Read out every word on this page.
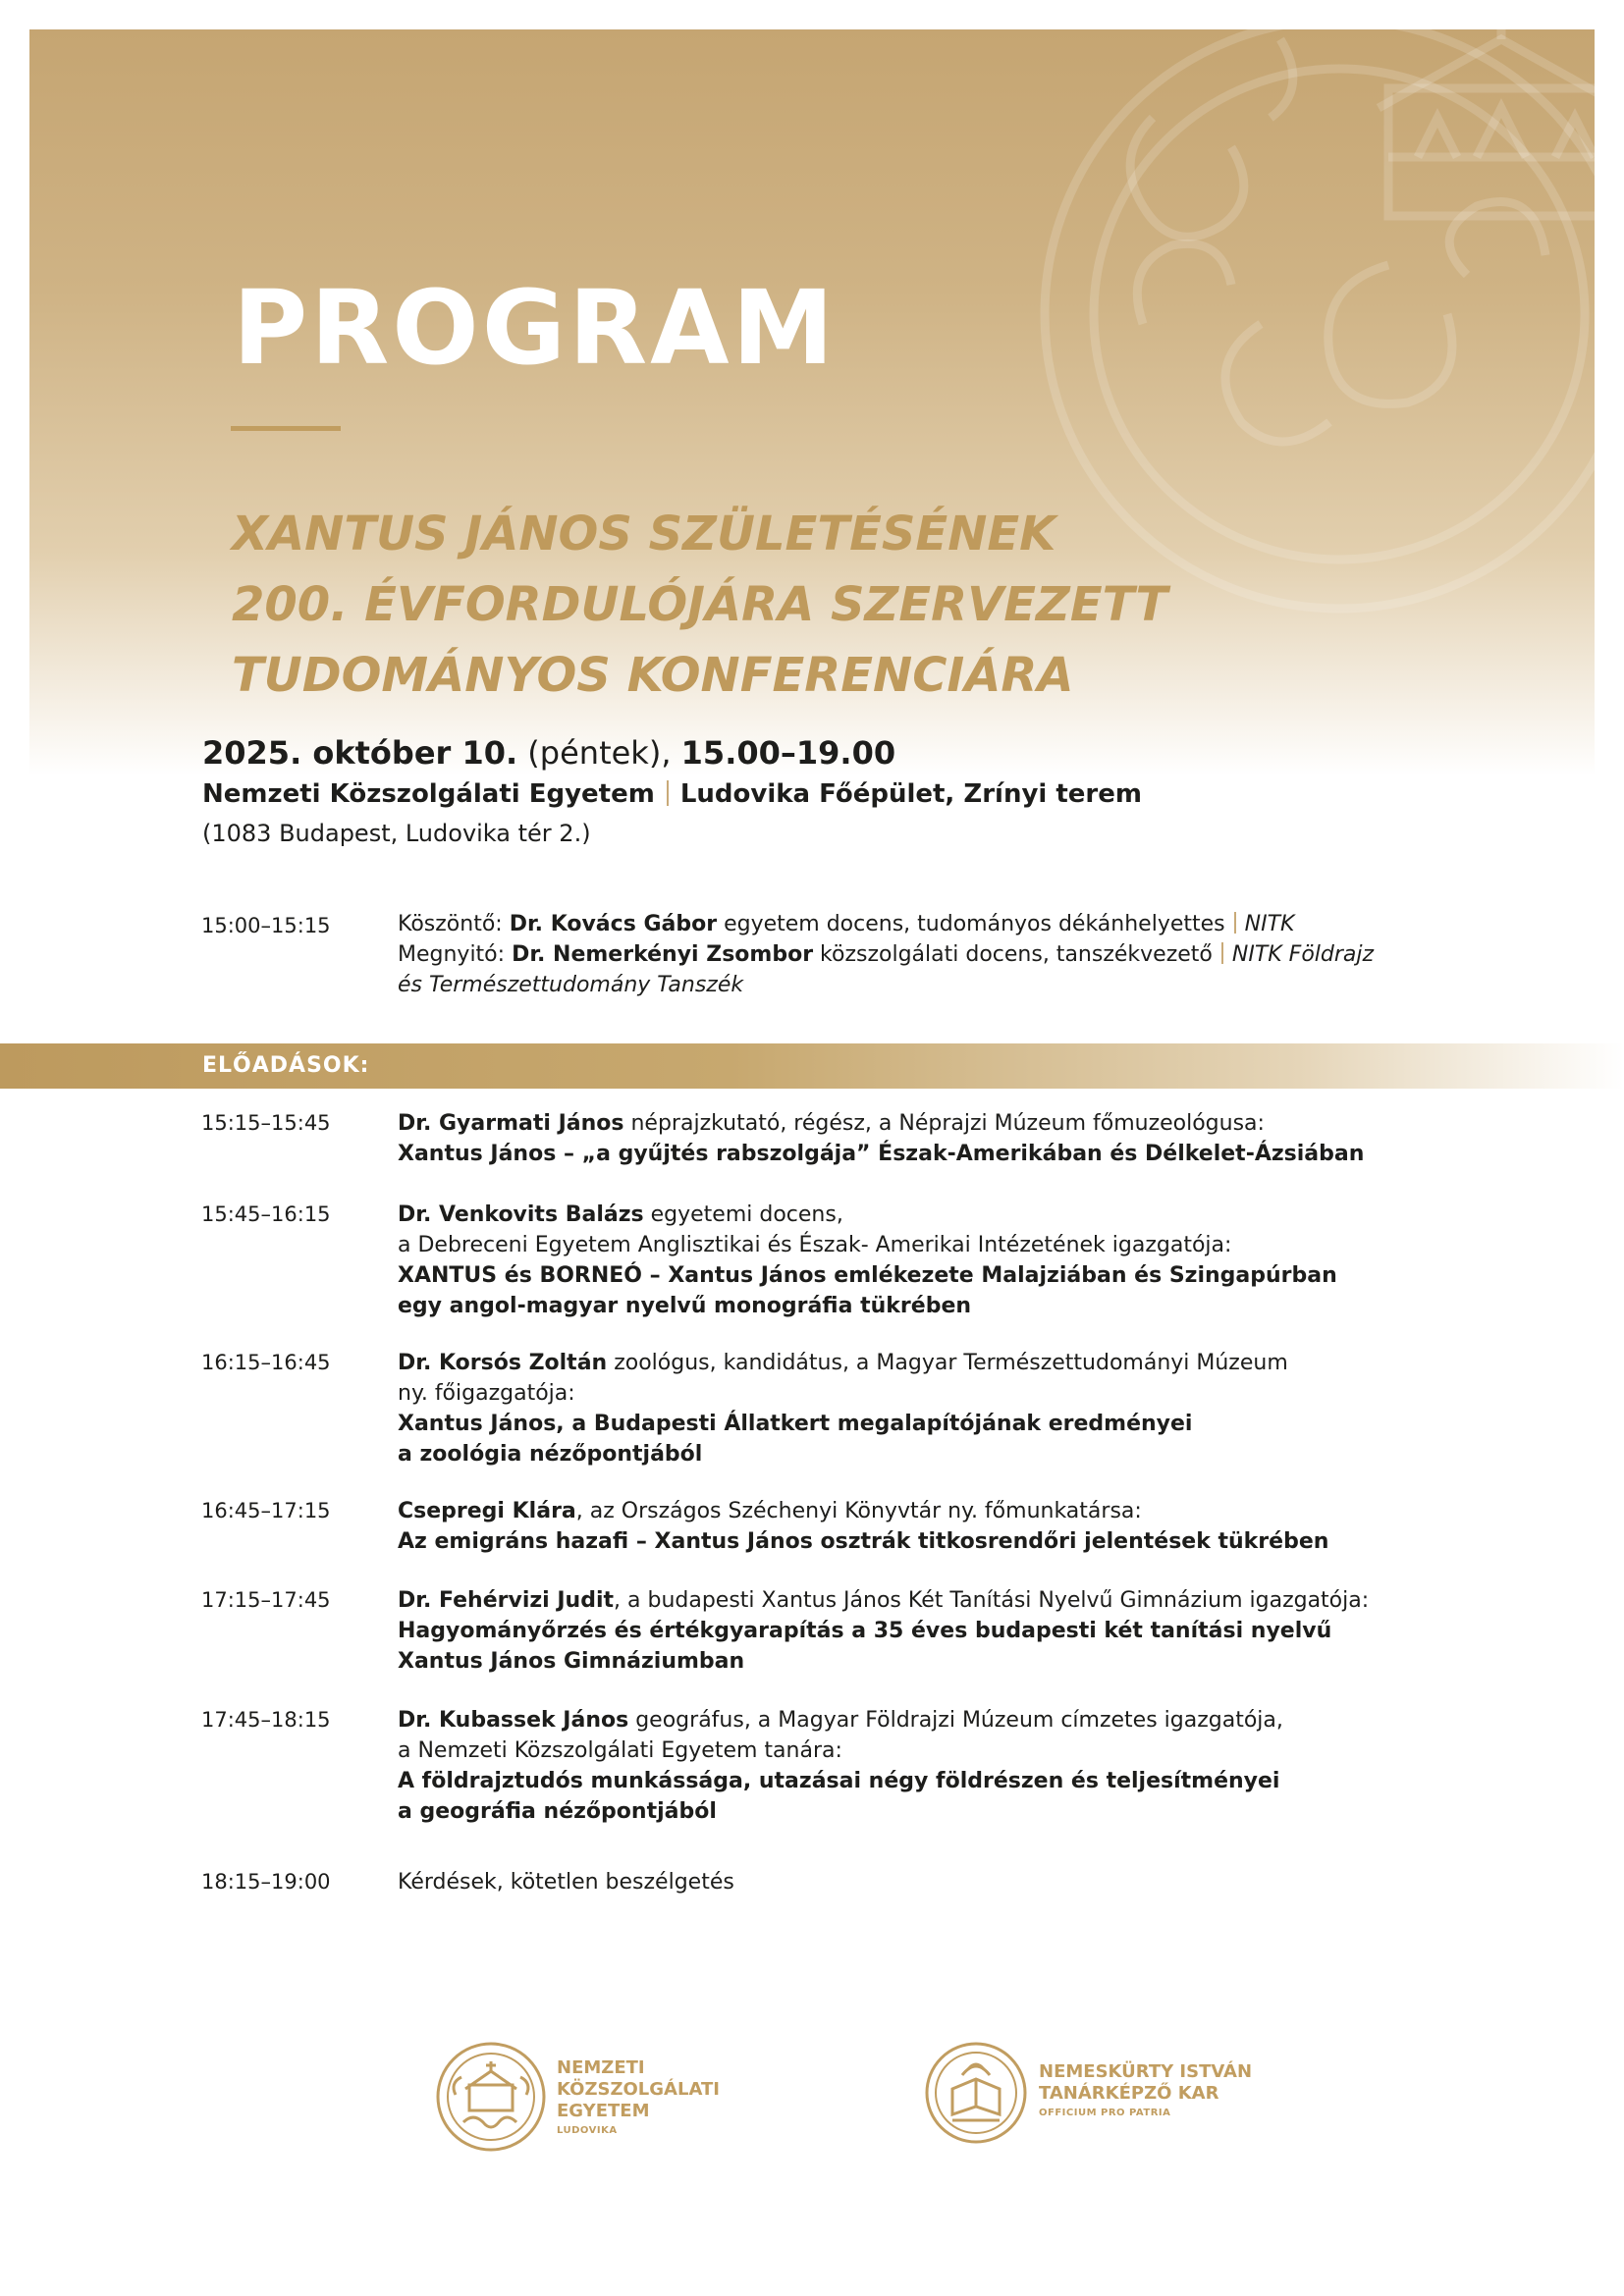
PROGRAM
XANTUS JÁNOS SZÜLETÉSÉNEK
200. ÉVFORDULÓJÁRA SZERVEZETT
TUDOMÁNYOS KONFERENCIÁRA
2025. október 10. (péntek), 15.00–19.00
Nemzeti Közszolgálati Egyetem Ludovika Főépület, Zrínyi terem
(1083 Budapest, Ludovika tér 2.)
15:00–15:15	Köszöntő: Dr. Kovács Gábor egyetem docens, tudományos dékánhelyettes NITK
Megnyitó: Dr. Nemerkényi Zsombor közszolgálati docens, tanszékvezető NITK Földrajz
és Természettudomány Tanszék
ELŐADÁSOK:
15:15–15:45	Dr. Gyarmati János néprajzkutató, régész, a Néprajzi Múzeum főmuzeológusa:
Xantus János – „a gyűjtés rabszolgája” Észak-Amerikában és Délkelet-Ázsiában
15:45–16:15	Dr. Venkovits Balázs egyetemi docens,
a Debreceni Egyetem Anglisztikai és Észak- Amerikai Intézetének igazgatója:
XANTUS és BORNEÓ – Xantus János emlékezete Malajziában és Szingapúrban
egy angol-magyar nyelvű monográfia tükrében
16:15–16:45	Dr. Korsós Zoltán zoológus, kandidátus, a Magyar Természettudományi Múzeum
ny. főigazgatója:
Xantus János, a Budapesti Állatkert megalapítójának eredményei
a zoológia nézőpontjából
16:45–17:15	Csepregi Klára, az Országos Széchenyi Könyvtár ny. főmunkatársa:
Az emigráns hazafi – Xantus János osztrák titkosrendőri jelentések tükrében
17:15–17:45	Dr. Fehérvizi Judit, a budapesti Xantus János Két Tanítási Nyelvű Gimnázium igazgatója:
Hagyományőrzés és értékgyarapítás a 35 éves budapesti két tanítási nyelvű
Xantus János Gimnáziumban
17:45–18:15	Dr. Kubassek János geográfus, a Magyar Földrajzi Múzeum címzetes igazgatója,
a Nemzeti Közszolgálati Egyetem tanára:
A földrajztudós munkássága, utazásai négy földrészen és teljesítményei
a geográfia nézőpontjából
18:15–19:00	Kérdések, kötetlen beszélgetés
NEMZETI
KÖZSZOLGÁLATI
EGYETEM
LUDOVIKA
NEMESKÜRTY ISTVÁN
TANÁRKÉPZŐ KAR
OFFICIUM PRO PATRIA
